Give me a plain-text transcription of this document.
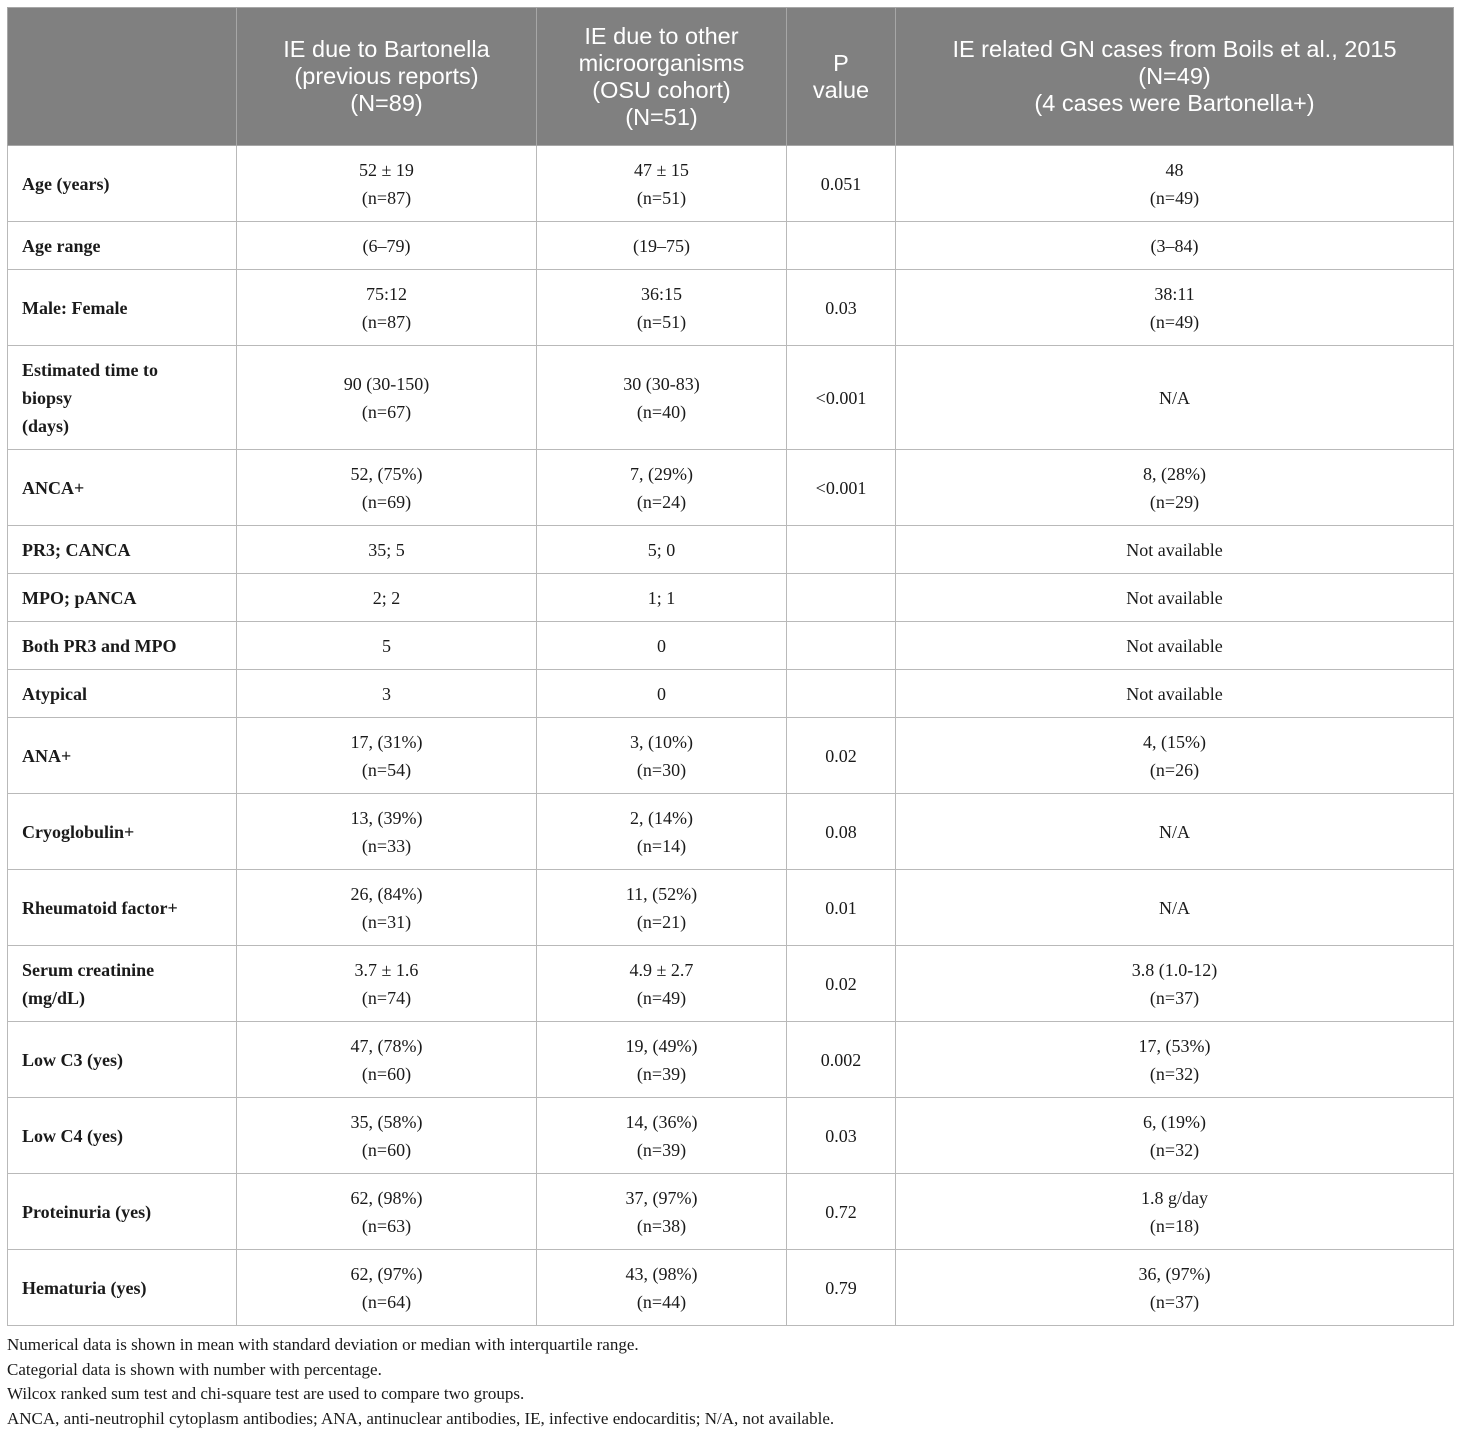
	IE due to Bartonella
(previous reports)
(N=89)	IE due to other
microorganisms
(OSU cohort)
(N=51)	P
value	IE related GN cases from Boils et al., 2015
(N=49)
(4 cases were Bartonella+)

Age (years)	52 ± 19
(n=87)	47 ± 15
(n=51)	0.051	48
(n=49)

Age range	(6–79)	(19–75)		(3–84)

Male: Female	75:12
(n=87)	36:15
(n=51)	0.03	38:11
(n=49)

Estimated time to
biopsy
(days)	90 (30-150)
(n=67)	30 (30-83)
(n=40)	<0.001	N/A

ANCA+	52, (75%)
(n=69)	7, (29%)
(n=24)	<0.001	8, (28%)
(n=29)

PR3; CANCA	35; 5	5; 0		Not available

MPO; pANCA	2; 2	1; 1		Not available

Both PR3 and MPO	5	0		Not available

Atypical	3	0		Not available

ANA+	17, (31%)
(n=54)	3, (10%)
(n=30)	0.02	4, (15%)
(n=26)

Cryoglobulin+	13, (39%)
(n=33)	2, (14%)
(n=14)	0.08	N/A

Rheumatoid factor+	26, (84%)
(n=31)	11, (52%)
(n=21)	0.01	N/A

Serum creatinine
(mg/dL)	3.7 ± 1.6
(n=74)	4.9 ± 2.7
(n=49)	0.02	3.8 (1.0-12)
(n=37)

Low C3 (yes)	47, (78%)
(n=60)	19, (49%)
(n=39)	0.002	17, (53%)
(n=32)

Low C4 (yes)	35, (58%)
(n=60)	14, (36%)
(n=39)	0.03	6, (19%)
(n=32)

Proteinuria (yes)	62, (98%)
(n=63)	37, (97%)
(n=38)	0.72	1.8 g/day
(n=18)

Hematuria (yes)	62, (97%)
(n=64)	43, (98%)
(n=44)	0.79	36, (97%)
(n=37)
Numerical data is shown in mean with standard deviation or median with interquartile range.
Categorial data is shown with number with percentage.
Wilcox ranked sum test and chi-square test are used to compare two groups.
ANCA, anti-neutrophil cytoplasm antibodies; ANA, antinuclear antibodies, IE, infective endocarditis; N/A, not available.
